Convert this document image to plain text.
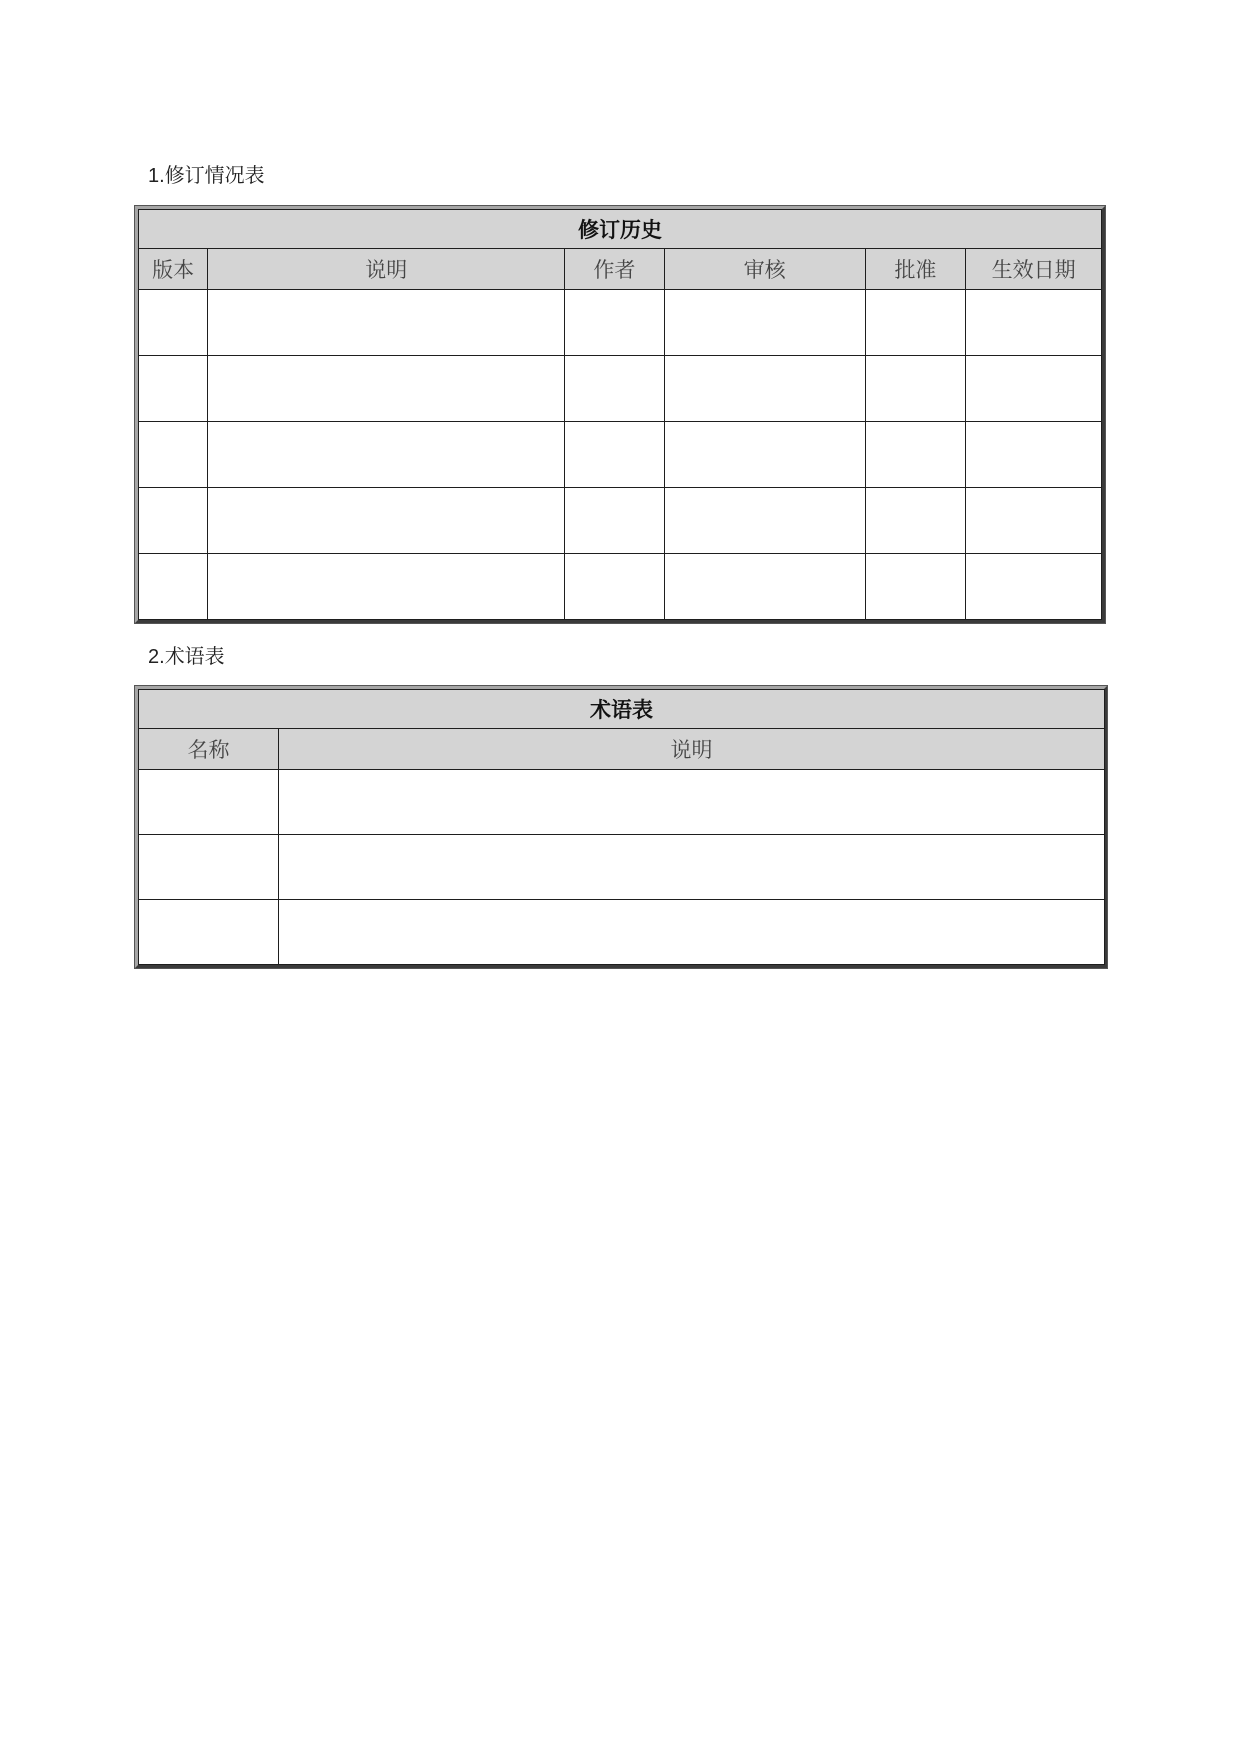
1.修订情况表
修订历史					
版本	说明	作者	审核	批准	生效日期

2.术语表
术语表	
名称	说明
